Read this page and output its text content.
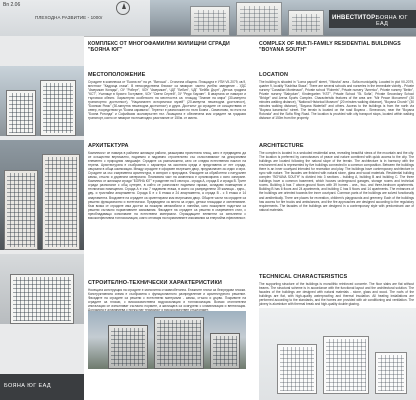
Bn 2.06
ПЛЕХОДНА РАЗВИТИЕ - 1000г	ИНВЕСТИТОР:
БОЯНА ЮГ ЕАД
БОЯНА ЮГ ЕАД
КОМПЛЕКС ОТ МНОГОФАМИЛНИ ЖИЛИЩНИ СГРАДИ "БОЯНА ЮГ"
МЕСТОПОЛОЖЕНИЕ
Сградите в комплекса от "Бояна юг" на ул. "Витоша" - Столична община. Площадта е УПИ VII-2079, кв.9, местност "Кадрица стаза". В непосредствена близост са намират: частно учебно заведение - УДС "Американ Колидж", ОУ "Роберт", ЧОУ "Американ", ЧДГ "Бебин", ЧДГ "Бейби Дърн", Детска градина "КСТ", Училище в Кристи Гостуване, ЧОУ "Свети Сергей", ЗУ "Реди Хаузинг". В квартала се намират и търговски обекти. Характерни особености на местността са: площад "Знание на мира" (30-минутно транспортно достъпност), "Национален исторически музей" (20-минутна пешеходна достъпност), "Боянски Ромс" (30-минутна пешеходна достъпност) и други. Достъпът до сградите се осъществява от север, посредством ул."Бояна карамичо". Теренът е разположен по пътя Бояна - Симеоново, по пътя на "Бояна Ротонда" и Софийския околовръстен път. Локацията е обезпечена към сградите на градския транспорт, които се намират на пешеходно разстояние от 150м. от имота.
АРХИТЕКТУРА
Комплексът се намира в районни жилищни райони, разширява проектната площ, като е предвидено да се осъществи вертикално, подземно и надземно строителство със съпоставимост на декоративни елементи с природния ландшафт. Сградите са разположени, като се следва естествения наклон на терена. Архитектурата е съобразена с характера на околната среда и представена от пет сгради, свързани в обща композиция. Между сградите е оформен вътрешен двор, предназначен за отдих и игри. Сградите са със съвременна архитектура, в синхрон с природата. Фасадите са обработени с натурален камък, стъкло и дървесни материали. Плановата част на комплекса е организирана с ясно зониране. Комплекс от жилищни сгради "БОЯНА ЮГ" е разделен на 5 сектора - сграда А, сграда Б и сграда В. Трите сгради разполагат с общ сутерен, в който се разполагат подземни гаражи, складови помещения и технически помещения. Сграда А е със 7 надземни етажа, в които са разпределени 39 жилища - едно-, дву- и тристайни апартаменти. Сграда Б е с 6 етажа и 24 апартамента, а сграда В - с 5 етажа и 14 апартамента. Входовете на сградите са ориентирани към вътрешния двор. Общите части на сградите са решени функционално и естетически. Предвидени са места за отдих, детски площадки и озеленяване. Към всяка от сградите има достъп за пожарни автомобили и линейки, като пожарните подстъпи са решени съгласно нормативните изисквания. Фасадите на сградите са решени в съвременен стил, с преобладаващо използване на естествени материали. Ограждащите елементи са изпълнени с високоефективна топлоизолация, която отговаря на нормативните изисквания за енергийна ефективност.
СТРОИТЕЛНО-ТЕХНИЧЕСКИ ХАРАКТЕРИСТИКИ
Носещата конструкция на сградите е монолитна стоманобетонна. Етажните плочи са безгредови плоски. Конструктивната схема е съобразена с функционалното разпределение и архитектурното решение. Фасадите на сградите са решени с естествени материали - камък, стъкло и дърво. Покривите на сградите са плоски, с висококачествена хидроизолация и топлоизолация. Всички отоплителни инсталации се изпълняват съгласно нормите, а жилищата са осигурени с климатизация и вентилация.
COMPLEX OF MULTI-FAMILY RESIDENTIAL BUILDINGS "BOYANA SOUTH"
LOCATION
The building is situated in "Loma papurit" street, "Vitosha" area - Sofia municipality. Located in plot VII-2079, quarter 9, locality "Kadritsa Staza". There are several schools and nurseries in the immediate vicinity - Private nursery "Canadian Montessori", Private school "Roberts", Private nursery "Americo", Private nursery "Bebin", Private nursery "Babydurn", Kindergarten "KST", Private School "St. Sofia", Private Secondary School "Bridge" and Arena Sports Complex. Characteristic features of the area are: "Mir Peace Monument" (30 minutes walking distance), "National Historical Museum" (20 minutes walking distance), "Boyana Church" (30 minutes walking distance), "Boyana Waterfall" and others. Access to the buildings is from the north via "Boyana karamicho" street. The terrain is located on the road Boyana - Simeonovo, near the "Boyana Rotonda" and the Sofia Ring Road. The location is provided with city transport stops, located within walking distance of 150m from the property.
ARCHITECTURE
The complex is located in a secluded residential area, revealing beautiful views of the mountain and the city. The location is preferred by connoisseurs of peace and nature combined with quick access to the city. The buildings are located following the natural slope of the terrain. The architecture is in harmony with the environment and is represented by five buildings connected in a common composition. Between the buildings there is an inner courtyard intended for recreation and play. The buildings have contemporary architecture in sync with nature. The facades are finished with natural stone, glass and wood materials. Residential building complex "BOYANA SOUTH" is divided into 3 sections - building A, building B and building C. The three buildings have a common basement, which houses underground garages, storage rooms and technical rooms. Building A has 7 above-ground floors with 39 homes - one-, two- and three-bedroom apartments. Building B has 6 floors and 24 apartments, and building C has 5 floors and 14 apartments. The entrances of the buildings are oriented towards the inner courtyard. Common parts of the buildings are solved functionally and aesthetically. There are places for recreation, children's playgrounds and greenery. Each of the buildings has access for fire trucks and ambulances, and the fire approaches are designed according to the regulatory requirements. The facades of the buildings are designed in a contemporary style with predominant use of natural materials.
TECHNICAL CHARACTERISTICS
The supporting structure of the buildings is monolithic reinforced concrete. The floor slabs are flat without beams. The structural scheme is in accordance with the functional layout and the architectural solution. The facades of the buildings are designed with natural materials - stone, glass and wood. The roofs of the buildings are flat, with high-quality waterproofing and thermal insulation. All heating installations are performed according to the standards, and the homes are provided with air conditioning and ventilation. The joinery is aluminium with thermal break and high-quality double glazing.
